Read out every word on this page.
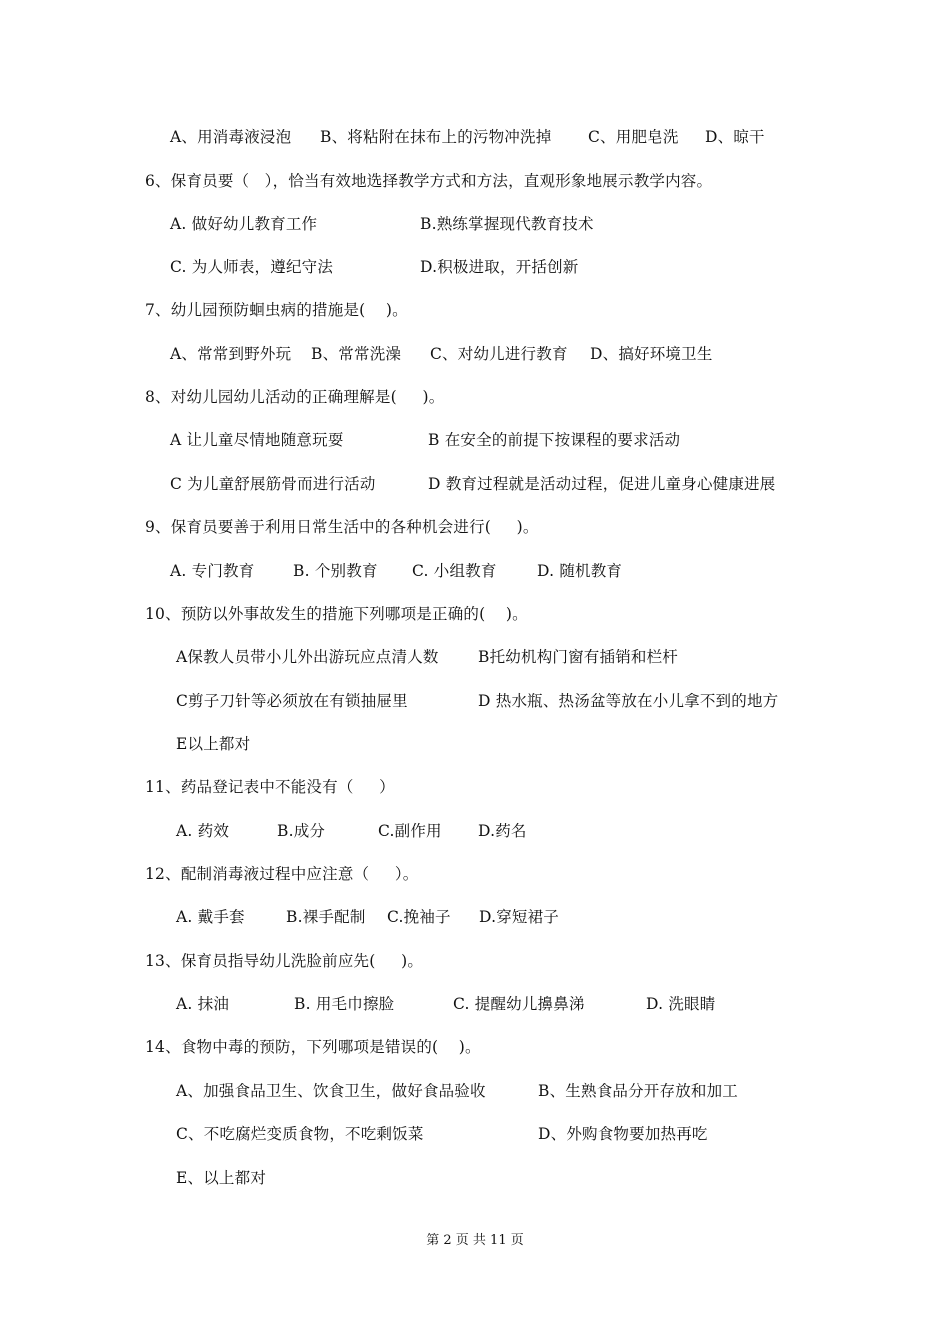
A、用消毒液浸泡 B、将粘附在抹布上的污物冲洗掉 C、用肥皂洗 D、晾干
6、保育员要（   ），恰当有效地选择教学方式和方法，直观形象地展示教学内容。
A. 做好幼儿教育工作	B.熟练掌握现代教育技术
C. 为人师表，遵纪守法	D.积极进取，开括创新
7、幼儿园预防蛔虫病的措施是(    )。
A、常常到野外玩 B、常常洗澡 C、对幼儿进行教育 D、搞好环境卫生
8、对幼儿园幼儿活动的正确理解是(     )。
A 让儿童尽情地随意玩耍	B 在安全的前提下按课程的要求活动
C 为儿童舒展筋骨而进行活动	D 教育过程就是活动过程，促进儿童身心健康进展
9、保育员要善于利用日常生活中的各种机会进行(     )。
A. 专门教育 B. 个别教育 C. 小组教育	D. 随机教育
10、预防以外事故发生的措施下列哪项是正确的(    )。
A保教人员带小儿外出游玩应点清人数	B托幼机构门窗有插销和栏杆
C剪子刀针等必须放在有锁抽屉里	D 热水瓶、热汤盆等放在小儿拿不到的地方
E以上都对
11、药品登记表中不能没有（     ）
A. 药效	B.成分	C.副作用 D.药名
12、配制消毒液过程中应注意（     ）。
A. 戴手套	B.裸手配制 C.挽袖子 D.穿短裙子
13、保育员指导幼儿洗脸前应先(     )。
A. 抹油	B. 用毛巾擦脸	C. 提醒幼儿擤鼻涕	D. 洗眼睛
14、食物中毒的预防，下列哪项是错误的(    )。
A、加强食品卫生、饮食卫生，做好食品验收	B、生熟食品分开存放和加工
C、不吃腐烂变质食物，不吃剩饭菜	D、外购食物要加热再吃
E、以上都对
第 2 页 共 11 页
